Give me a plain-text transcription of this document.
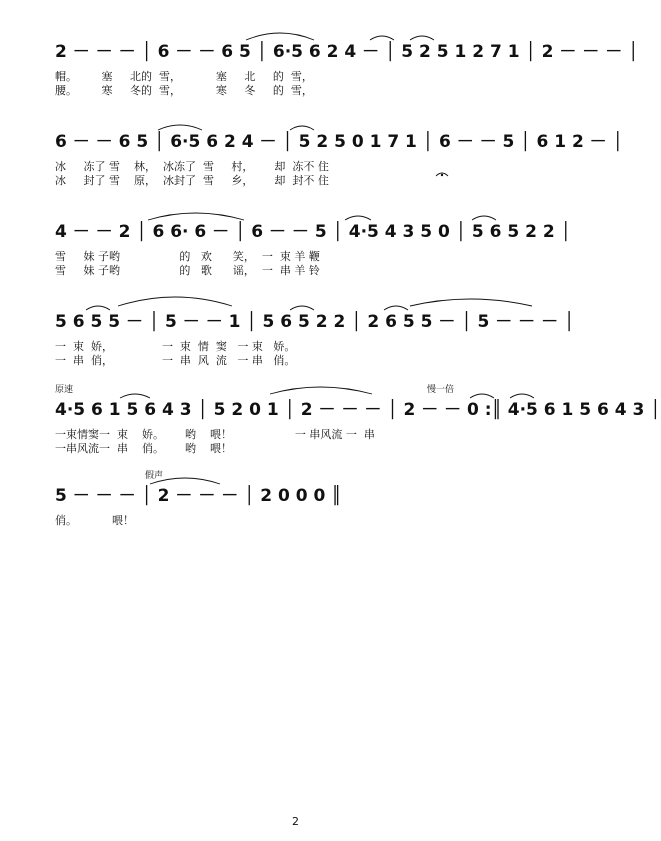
2 － － － │ 6 － － 6 5 │ 6·5 6 2 4 － │ 5 2 5 1 2 7 1 │ 2 － － － │
帽。       塞     北的  雪，          塞     北     的  雪，
腰。       寒     冬的  雪，          寒     冬     的  雪，
6 － － 6 5 │ 6·5 6 2 4 － │ 5 2 5 0 1 7 1 │ 6 － － 5 │ 6 1 2 － │
冰     冻了 雪    林，  冰冻了  雪     村，      却  冻不 住
冰     封了 雪    原，  冰封了  雪     乡，      却  封不 住
4 － － 2 │ 6 6· 6 － │ 6 － － 5 │ 4·5 4 3 5 0 │ 5 6 5 2 2 │
雪     妹 子哟                 的   欢      笑，  一  束 羊 鞭
雪     妹 子哟                 的   歌      谣，  一  串 羊 铃
5 6 5 5 － │ 5 － － 1 │ 5 6 5 2 2 │ 2 6 5 5 － │ 5 － － － │
一  束  娇，              一  束  情  窦   一 束   娇。
一  串  俏，              一  串  风  流   一 串   俏。
原速	慢一倍
4·5 6 1 5 6 4 3 │ 5 2 0 1 │ 2 － － － │ 2 － － 0 :║ 4·5 6 1 5 6 4 3 │
一束情窦一  束    娇。      哟    喂！                  一 串风流 一  串
一串风流一  串    俏。      哟    喂！
假声
5 － － － │ 2 － － － │ 2 0 0 0 ║
俏。          喂！
2
